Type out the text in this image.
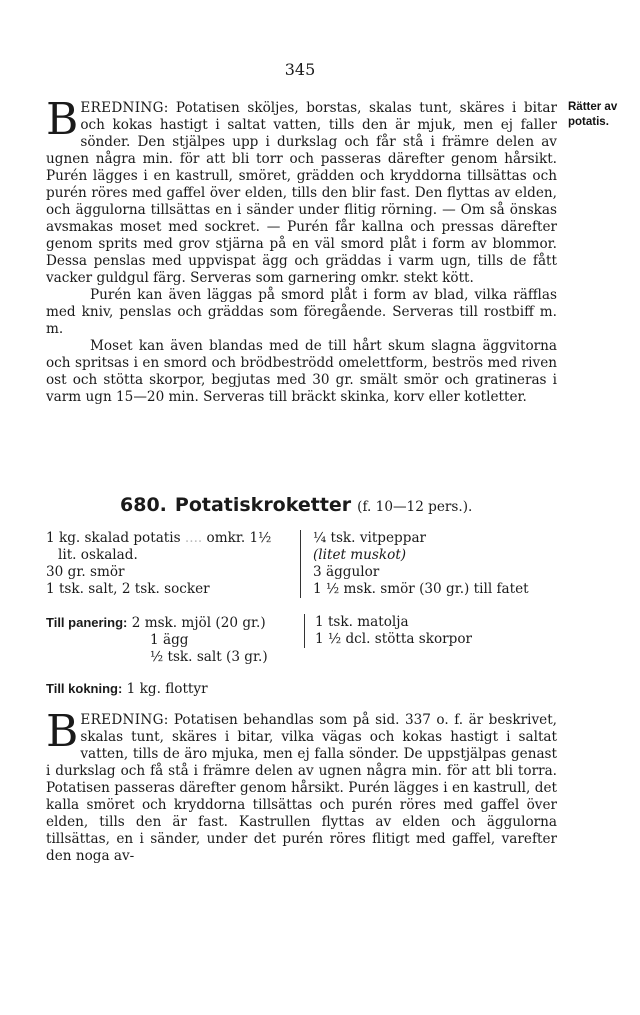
345
Rätter av
potatis.

BEREDNING: Potatisen sköljes, borstas, skalas tunt, skäres i bitar och kokas hastigt i saltat vatten, tills den är mjuk, men ej faller sönder. Den stjälpes upp i durkslag och får stå i främre delen av ugnen några min. för att bli torr och passeras därefter genom hårsikt. Purén lägges i en kastrull, smöret, grädden och kryddorna tillsättas och purén röres med gaffel över elden, tills den blir fast. Den flyttas av elden, och äggulorna tillsättas en i sänder under flitig rörning. — Om så önskas avsmakas moset med sockret. — Purén får kallna och pressas därefter genom sprits med grov stjärna på en väl smord plåt i form av blommor. Dessa penslas med uppvispat ägg och gräddas i varm ugn, tills de fått vacker guldgul färg. Serveras som garnering omkr. stekt kött.

Purén kan även läggas på smord plåt i form av blad, vilka räfflas med kniv, penslas och gräddas som föregående. Serveras till rostbiff m. m.

Moset kan även blandas med de till hårt skum slagna äggvitorna och spritsas i en smord och brödbeströdd omelettform, beströs med riven ost och stötta skorpor, begjutas med 30 gr. smält smör och gratineras i varm ugn 15—20 min. Serveras till bräckt skinka, korv eller kotletter.

680. Potatiskroketter (f. 10—12 pers.).
1 kg. skalad potatis .... omkr. 1½
lit. oskalad.
30 gr. smör
1 tsk. salt, 2 tsk. socker
¼ tsk. vitpeppar
(litet muskot)
3 äggulor
1 ½ msk. smör (30 gr.) till fatet
Till panering: 2 msk. mjöl (20 gr.)
1 ägg
½ tsk. salt (3 gr.)
1 tsk. matolja
1 ½ dcl. stötta skorpor
Till kokning: 1 kg. flottyr

BEREDNING: Potatisen behandlas som på sid. 337 o. f. är beskrivet, skalas tunt, skäres i bitar, vilka vägas och kokas hastigt i saltat vatten, tills de äro mjuka, men ej falla sönder. De uppstjälpas genast i durkslag och få stå i främre delen av ugnen några min. för att bli torra. Potatisen passeras därefter genom hårsikt. Purén lägges i en kastrull, det kalla smöret och kryddorna tillsättas och purén röres med gaffel över elden, tills den är fast. Kastrullen flyttas av elden och äggulorna tillsättas, en i sänder, under det purén röres flitigt med gaffel, varefter den noga av-
